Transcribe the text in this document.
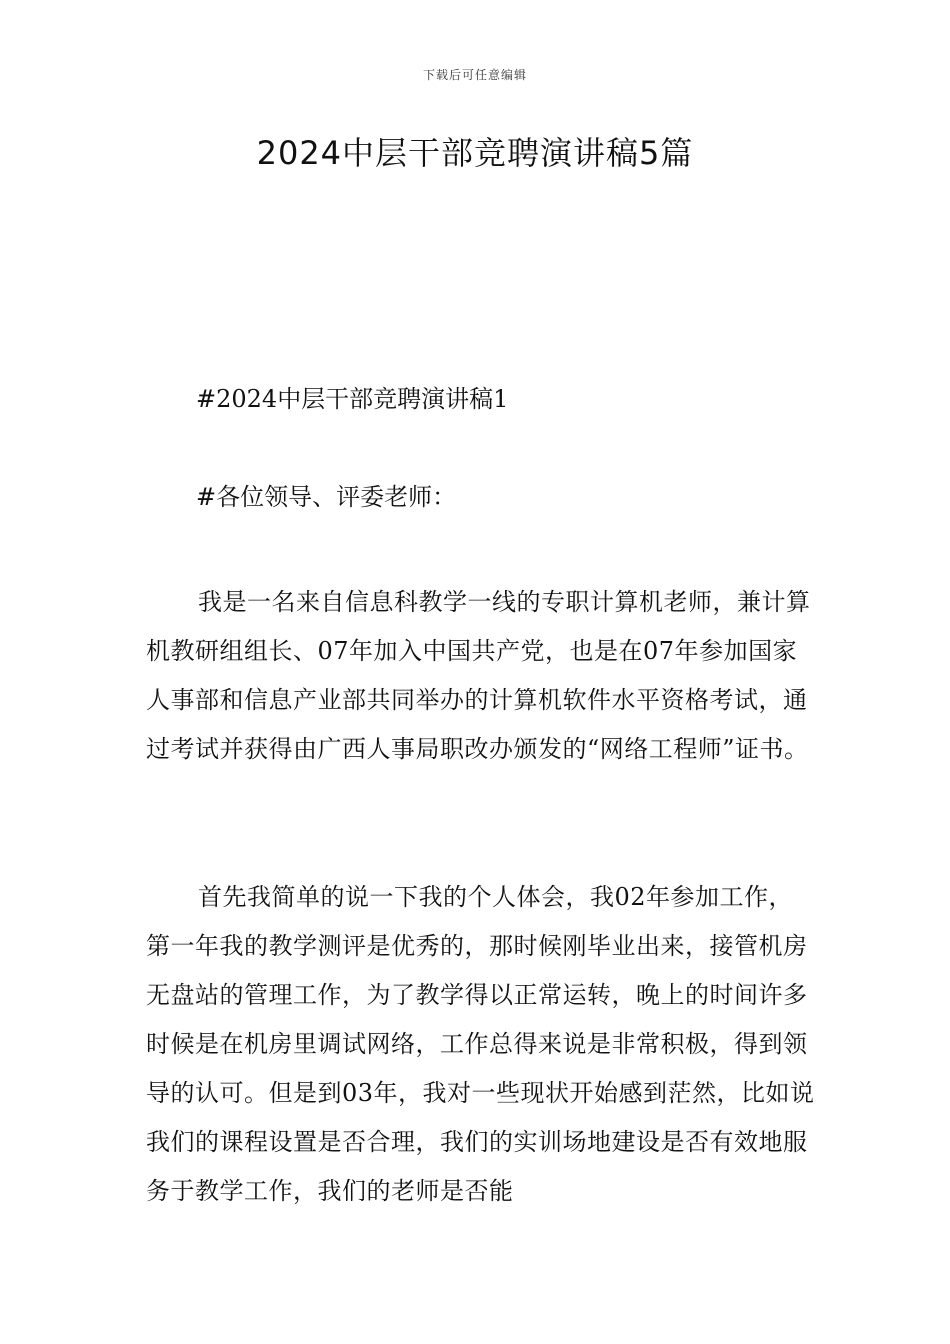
下载后可任意编辑
2024中层干部竞聘演讲稿5篇
#2024中层干部竞聘演讲稿1
#各位领导、评委老师：

我是一名来自信息科教学一线的专职计算机老师，兼计算机教研组组长、07年加入中国共产党，也是在07年参加国家人事部和信息产业部共同举办的计算机软件水平资格考试，通过考试并获得由广西人事局职改办颁发的“网络工程师”证书。

首先我简单的说一下我的个人体会，我02年参加工作，第一年我的教学测评是优秀的，那时候刚毕业出来，接管机房无盘站的管理工作，为了教学得以正常运转，晚上的时间许多时候是在机房里调试网络，工作总得来说是非常积极，得到领导的认可。但是到03年，我对一些现状开始感到茫然，比如说我们的课程设置是否合理，我们的实训场地建设是否有效地服务于教学工作，我们的老师是否能
